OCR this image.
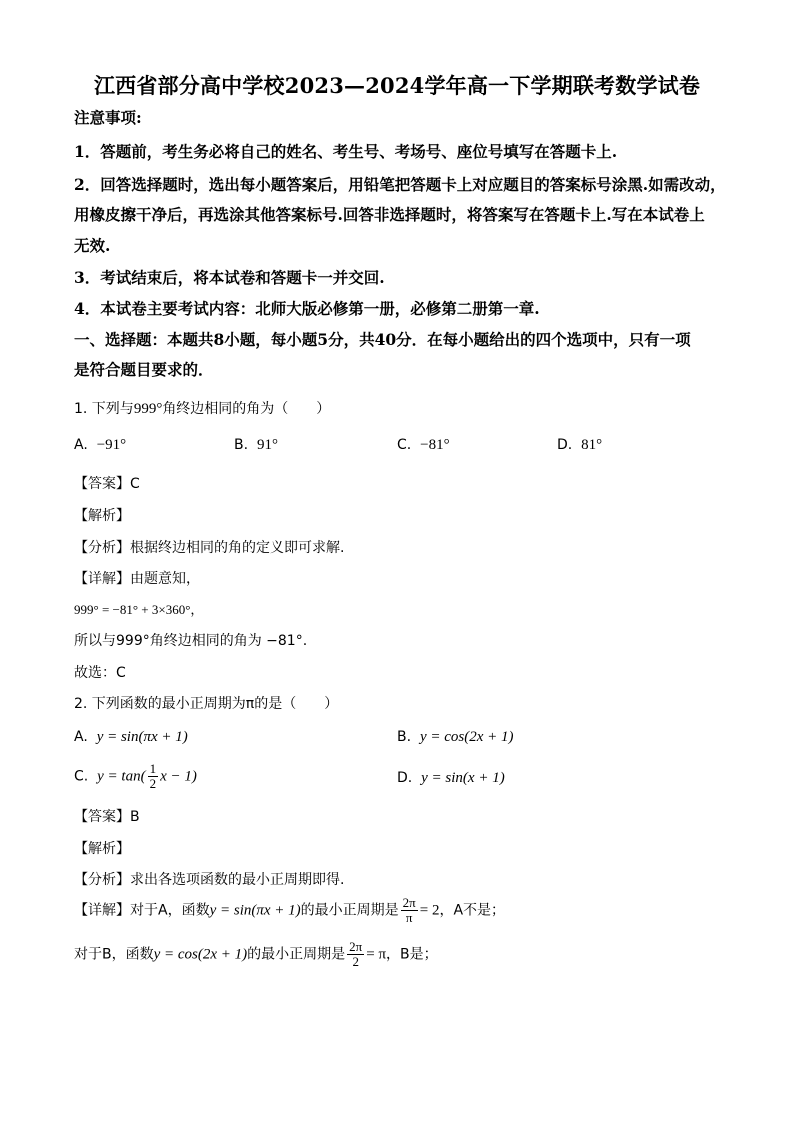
江西省部分高中学校2023—2024学年高一下学期联考数学试卷
注意事项:
1．答题前，考生务必将自己的姓名、考生号、考场号、座位号填写在答题卡上.
2．回答选择题时，选出每小题答案后，用铅笔把答题卡上对应题目的答案标号涂黑.如需改动，
用橡皮擦干净后，再选涂其他答案标号.回答非选择题时，将答案写在答题卡上.写在本试卷上
无效.
3．考试结束后，将本试卷和答题卡一并交回.
4．本试卷主要考试内容：北师大版必修第一册，必修第二册第一章.
一、选择题：本题共8小题，每小题5分，共40分．在每小题给出的四个选项中，只有一项
是符合题目要求的．
1. 下列与999°角终边相同的角为（　　）
A. −91°	B. 91°	C. −81°	D. 81°
【答案】C
【解析】
【分析】根据终边相同的角的定义即可求解.
【详解】由题意知，
999° = −81° + 3×360°，
所以与999°角终边相同的角为 −81°.
故选：C
2. 下列函数的最小正周期为π的是（　　）
A. y = sin(πx + 1)	B. y = cos(2x + 1)
C. $y = \tan( \frac{1}{2}$ x − 1)	D. y = sin(x + 1)
【答案】B
【解析】
【分析】求出各选项函数的最小正周期即得.
【详解】对于A，函数y = sin(πx + 1)的最小正周期是 $\frac{2\pi}{\pi} = 2$，A不是；
对于B，函数y = cos(2x + 1)的最小正周期是 $\frac{2\pi}{2} = \pi$，B是；
